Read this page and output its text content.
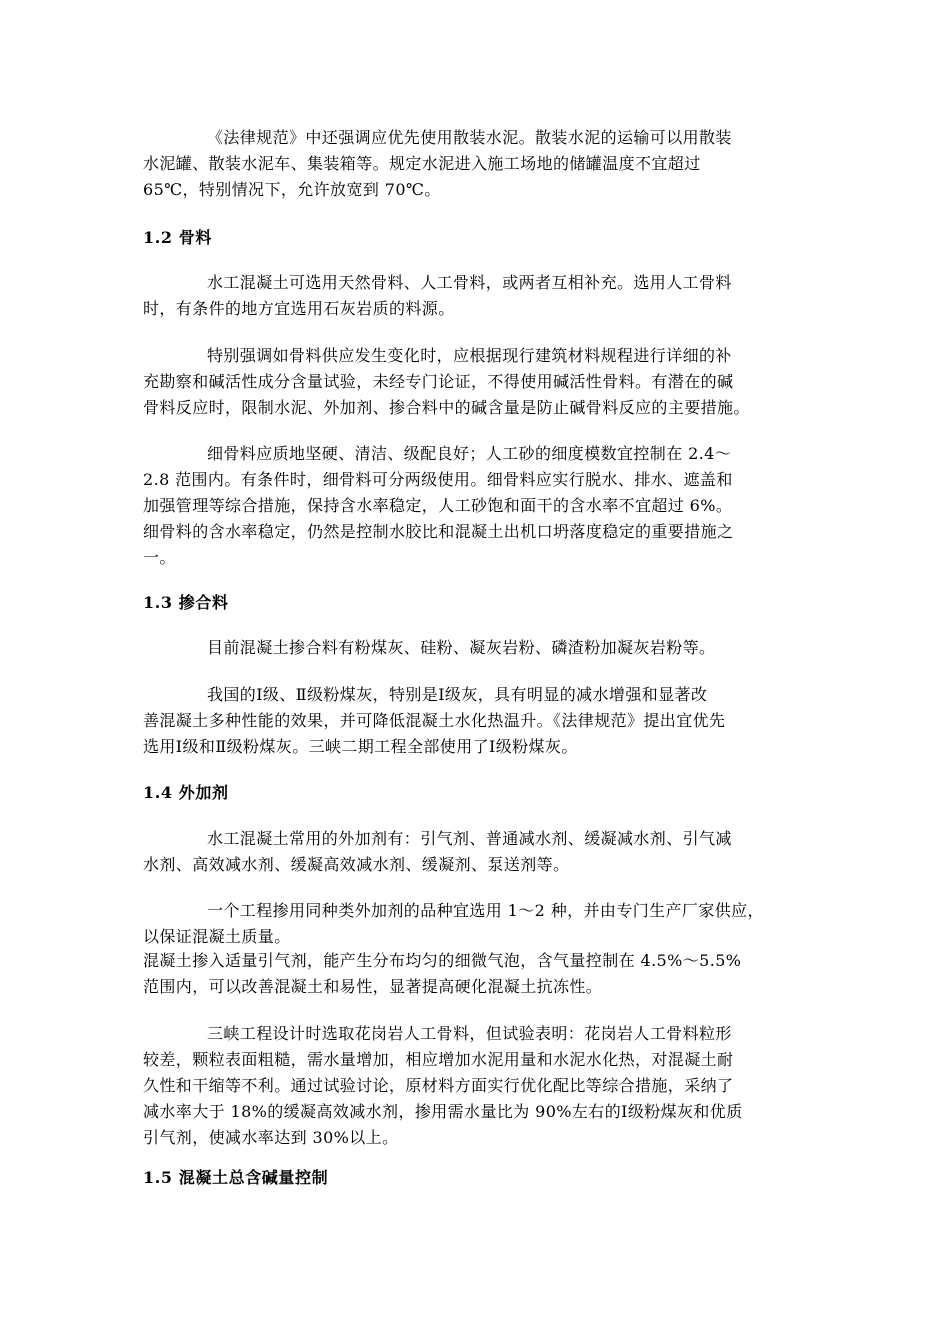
《法律规范》中还强调应优先使用散装水泥。散装水泥的运输可以用散装

水泥罐、散装水泥车、集装箱等。规定水泥进入施工场地的储罐温度不宜超过

65℃，特别情况下，允许放宽到 70℃。

1.2 骨料

水工混凝土可选用天然骨料、人工骨料，或两者互相补充。选用人工骨料

时，有条件的地方宜选用石灰岩质的料源。

特别强调如骨料供应发生变化时，应根据现行建筑材料规程进行详细的补

充勘察和碱活性成分含量试验，未经专门论证，不得使用碱活性骨料。有潜在的碱

骨料反应时，限制水泥、外加剂、掺合料中的碱含量是防止碱骨料反应的主要措施。

细骨料应质地坚硬、清洁、级配良好；人工砂的细度模数宜控制在 2.4～

2.8 范围内。有条件时，细骨料可分两级使用。细骨料应实行脱水、排水、遮盖和

加强管理等综合措施，保持含水率稳定，人工砂饱和面干的含水率不宜超过 6%。

细骨料的含水率稳定，仍然是控制水胶比和混凝土出机口坍落度稳定的重要措施之

一。

1.3 掺合料

目前混凝土掺合料有粉煤灰、硅粉、凝灰岩粉、磷渣粉加凝灰岩粉等。

我国的Ⅰ级、Ⅱ级粉煤灰，特别是Ⅰ级灰，具有明显的减水增强和显著改

善混凝土多种性能的效果，并可降低混凝土水化热温升。《法律规范》提出宜优先

选用Ⅰ级和Ⅱ级粉煤灰。三峡二期工程全部使用了Ⅰ级粉煤灰。

1.4 外加剂

水工混凝土常用的外加剂有：引气剂、普通减水剂、缓凝减水剂、引气减

水剂、高效减水剂、缓凝高效减水剂、缓凝剂、泵送剂等。

一个工程掺用同种类外加剂的品种宜选用 1～2 种，并由专门生产厂家供应，

以保证混凝土质量。

混凝土掺入适量引气剂，能产生分布均匀的细微气泡，含气量控制在 4.5%～5.5%

范围内，可以改善混凝土和易性，显著提高硬化混凝土抗冻性。

三峡工程设计时选取花岗岩人工骨料，但试验表明：花岗岩人工骨料粒形

较差，颗粒表面粗糙，需水量增加，相应增加水泥用量和水泥水化热，对混凝土耐

久性和干缩等不利。通过试验讨论，原材料方面实行优化配比等综合措施，采纳了

减水率大于 18%的缓凝高效减水剂，掺用需水量比为 90%左右的Ⅰ级粉煤灰和优质

引气剂，使减水率达到 30%以上。

1.5 混凝土总含碱量控制
